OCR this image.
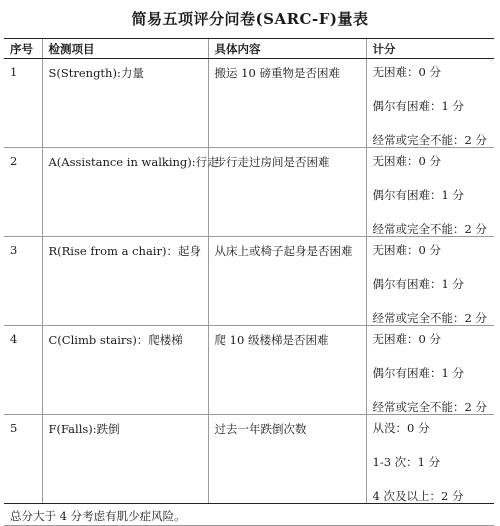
简易五项评分问卷(SARC-F)量表
序号	检测项目	具体内容	计分
1	S(Strength):力量	搬运 10 磅重物是否困难	无困难：0 分
偶尔有困难：1 分
经常或完全不能：2 分

2	A(Assistance in walking):行走	步行走过房间是否困难	无困难：0 分
偶尔有困难：1 分
经常或完全不能：2 分

3	R(Rise from a chair)：起身	从床上或椅子起身是否困难	无困难：0 分
偶尔有困难：1 分
经常或完全不能：2 分

4	C(Climb stairs)：爬楼梯	爬 10 级楼梯是否困难	无困难：0 分
偶尔有困难：1 分
经常或完全不能：2 分

5	F(Falls):跌倒	过去一年跌倒次数	从没：0 分
1-3 次：1 分
4 次及以上：2 分

总分大于 4 分考虑有肌少症风险。			
